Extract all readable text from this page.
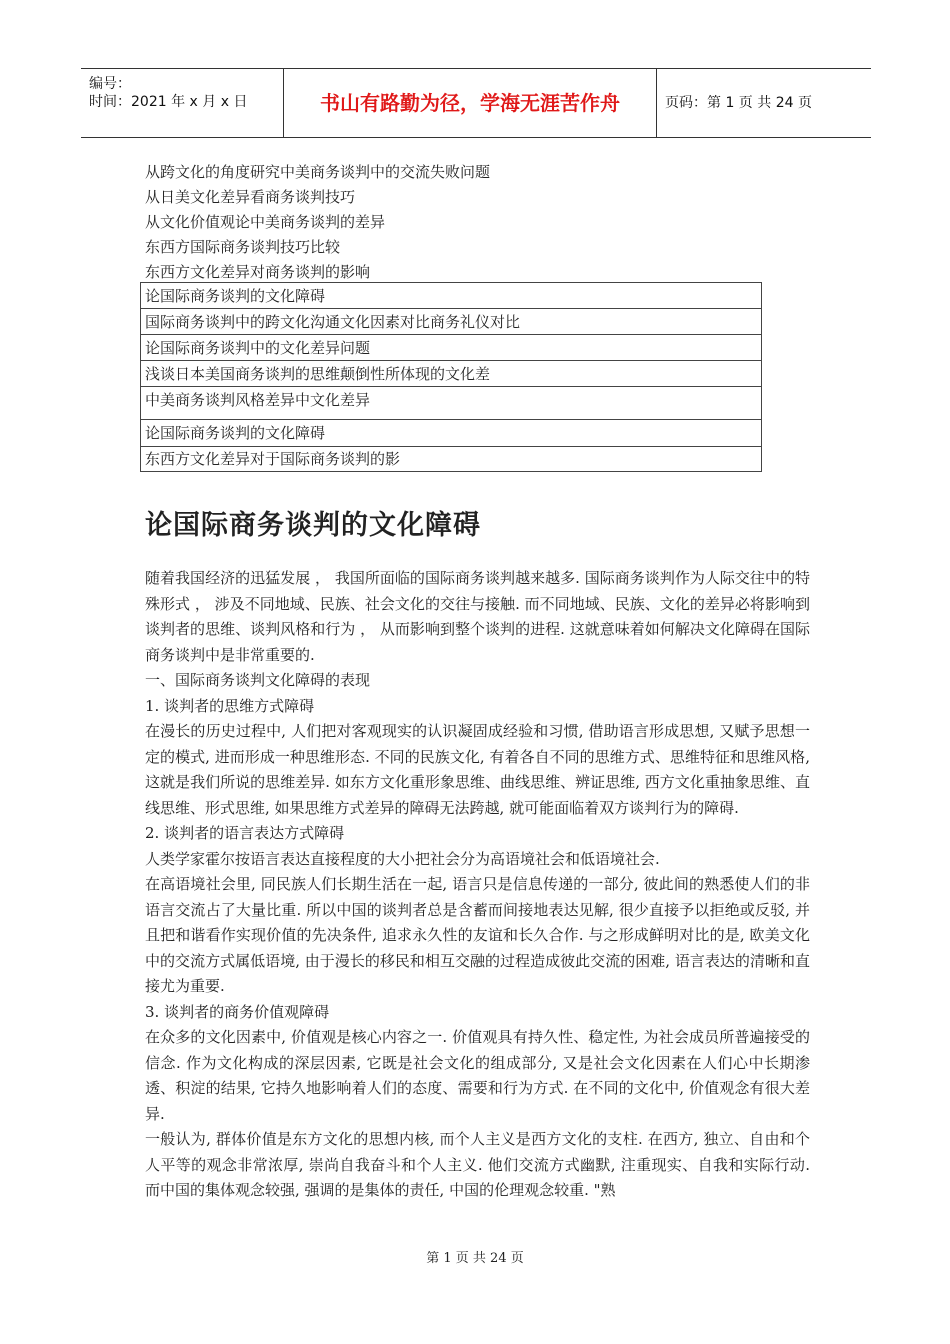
编号：
时间：2021 年 x 月 x 日	书山有路勤为径，学海无涯苦作舟	页码：第 1 页 共 24 页
从跨文化的角度研究中美商务谈判中的交流失败问题
从日美文化差异看商务谈判技巧
从文化价值观论中美商务谈判的差异
东西方国际商务谈判技巧比较
东西方文化差异对商务谈判的影响
论国际商务谈判的文化障碍
国际商务谈判中的跨文化沟通文化因素对比商务礼仪对比
论国际商务谈判中的文化差异问题
浅谈日本美国商务谈判的思维颠倒性所体现的文化差
中美商务谈判风格差异中文化差异
论国际商务谈判的文化障碍
东西方文化差异对于国际商务谈判的影
论国际商务谈判的文化障碍

随着我国经济的迅猛发展 ， 我国所面临的国际商务谈判越来越多. 国际商务谈判作为人际交往中的特殊形式 ， 涉及不同地域、民族、社会文化的交往与接触. 而不同地域、民族、文化的差异必将影响到谈判者的思维、谈判风格和行为 ， 从而影响到整个谈判的进程. 这就意味着如何解决文化障碍在国际商务谈判中是非常重要的.

一、国际商务谈判文化障碍的表现

1. 谈判者的思维方式障碍

在漫长的历史过程中, 人们把对客观现实的认识凝固成经验和习惯, 借助语言形成思想, 又赋予思想一定的模式, 进而形成一种思维形态. 不同的民族文化, 有着各自不同的思维方式、思维特征和思维风格, 这就是我们所说的思维差异. 如东方文化重形象思维、曲线思维、辨证思维, 西方文化重抽象思维、直线思维、形式思维, 如果思维方式差异的障碍无法跨越, 就可能面临着双方谈判行为的障碍.

2. 谈判者的语言表达方式障碍

人类学家霍尔按语言表达直接程度的大小把社会分为高语境社会和低语境社会.

在高语境社会里, 同民族人们长期生活在一起, 语言只是信息传递的一部分, 彼此间的熟悉使人们的非语言交流占了大量比重. 所以中国的谈判者总是含蓄而间接地表达见解, 很少直接予以拒绝或反驳, 并且把和谐看作实现价值的先决条件, 追求永久性的友谊和长久合作. 与之形成鲜明对比的是, 欧美文化中的交流方式属低语境, 由于漫长的移民和相互交融的过程造成彼此交流的困难, 语言表达的清晰和直接尤为重要.

3. 谈判者的商务价值观障碍

在众多的文化因素中, 价值观是核心内容之一. 价值观具有持久性、稳定性, 为社会成员所普遍接受的信念. 作为文化构成的深层因素, 它既是社会文化的组成部分, 又是社会文化因素在人们心中长期渗透、积淀的结果, 它持久地影响着人们的态度、需要和行为方式. 在不同的文化中, 价值观念有很大差异.

一般认为, 群体价值是东方文化的思想内核, 而个人主义是西方文化的支柱. 在西方, 独立、自由和个人平等的观念非常浓厚, 崇尚自我奋斗和个人主义. 他们交流方式幽默, 注重现实、自我和实际行动. 而中国的集体观念较强, 强调的是集体的责任, 中国的伦理观念较重. "熟

第 1 页 共 24 页
